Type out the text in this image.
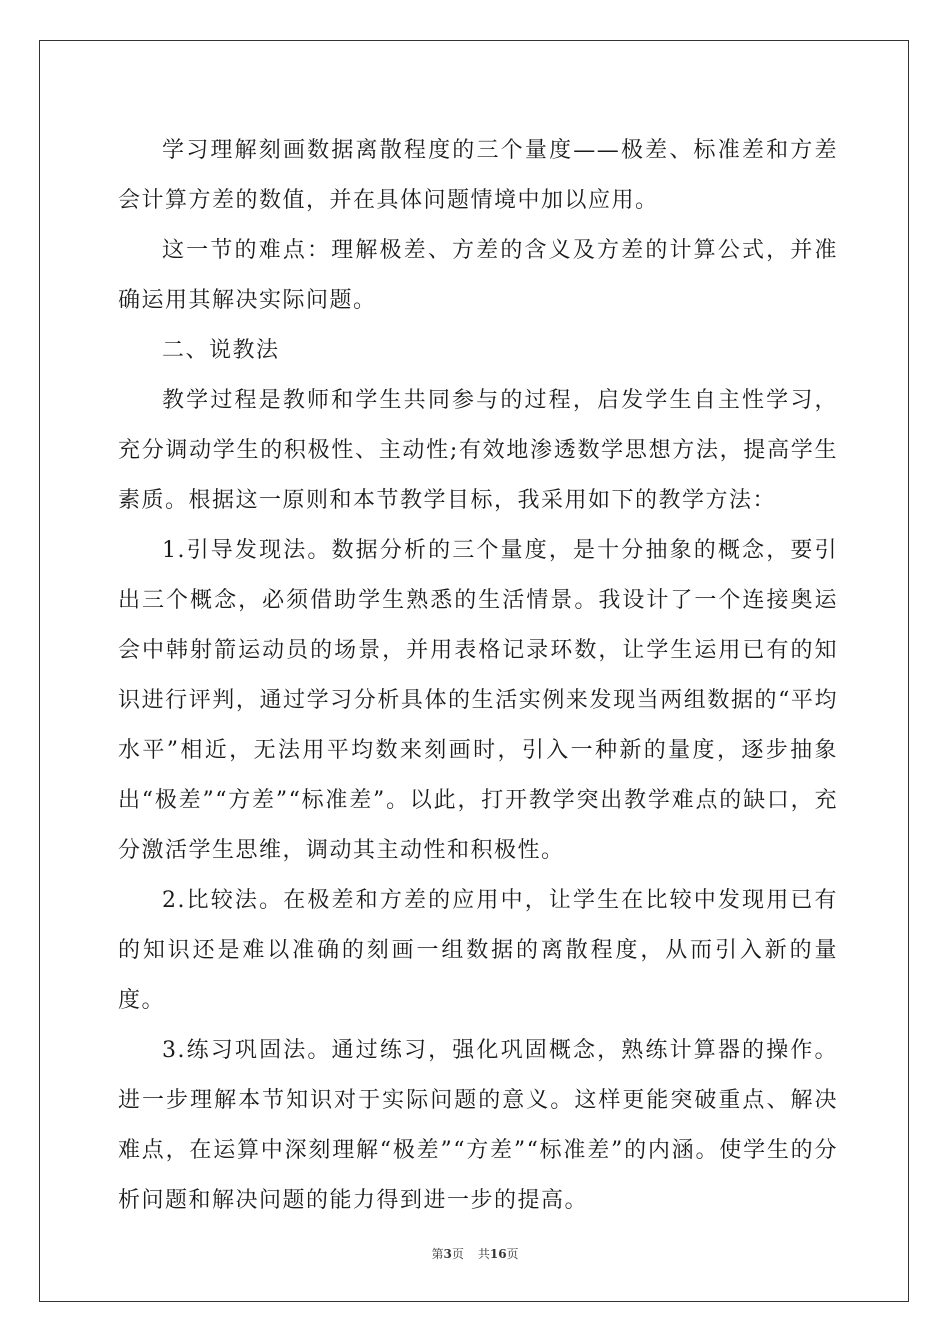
学习理解刻画数据离散程度的三个量度——极差、标准差和方差会计算方差的数值，并在具体问题情境中加以应用。

这一节的难点：理解极差、方差的含义及方差的计算公式，并准确运用其解决实际问题。

二、说教法

教学过程是教师和学生共同参与的过程，启发学生自主性学习，充分调动学生的积极性、主动性;有效地渗透数学思想方法，提高学生素质。根据这一原则和本节教学目标，我采用如下的教学方法：

1.引导发现法。数据分析的三个量度，是十分抽象的概念，要引出三个概念，必须借助学生熟悉的生活情景。我设计了一个连接奥运会中韩射箭运动员的场景，并用表格记录环数，让学生运用已有的知识进行评判，通过学习分析具体的生活实例来发现当两组数据的“平均水平”相近，无法用平均数来刻画时，引入一种新的量度，逐步抽象出“极差”“方差”“标准差”。以此，打开教学突出教学难点的缺口，充分激活学生思维，调动其主动性和积极性。

2.比较法。在极差和方差的应用中，让学生在比较中发现用已有的知识还是难以准确的刻画一组数据的离散程度，从而引入新的量度。

3.练习巩固法。通过练习，强化巩固概念，熟练计算器的操作。进一步理解本节知识对于实际问题的意义。这样更能突破重点、解决难点，在运算中深刻理解“极差”“方差”“标准差”的内涵。使学生的分析问题和解决问题的能力得到进一步的提高。

第3页 共16页
